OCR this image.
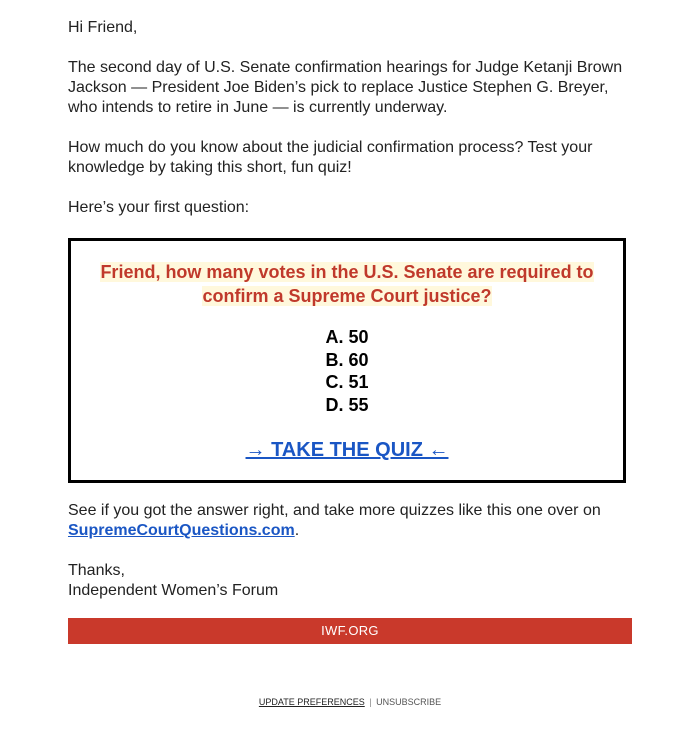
Hi Friend,

The second day of U.S. Senate confirmation hearings for Judge Ketanji Brown Jackson — President Joe Biden’s pick to replace Justice Stephen G. Breyer, who intends to retire in June — is currently underway.

How much do you know about the judicial confirmation process? Test your knowledge by taking this short, fun quiz!

Here’s your first question:

Friend, how many votes in the U.S. Senate are required to confirm a Supreme Court justice?
A. 50
B. 60
C. 51
D. 55
→ TAKE THE QUIZ ←

See if you got the answer right, and take more quizzes like this one over on SupremeCourtQuestions.com.

Thanks,
Independent Women’s Forum

IWF.ORG
UPDATE PREFERENCES | UNSUBSCRIBE
